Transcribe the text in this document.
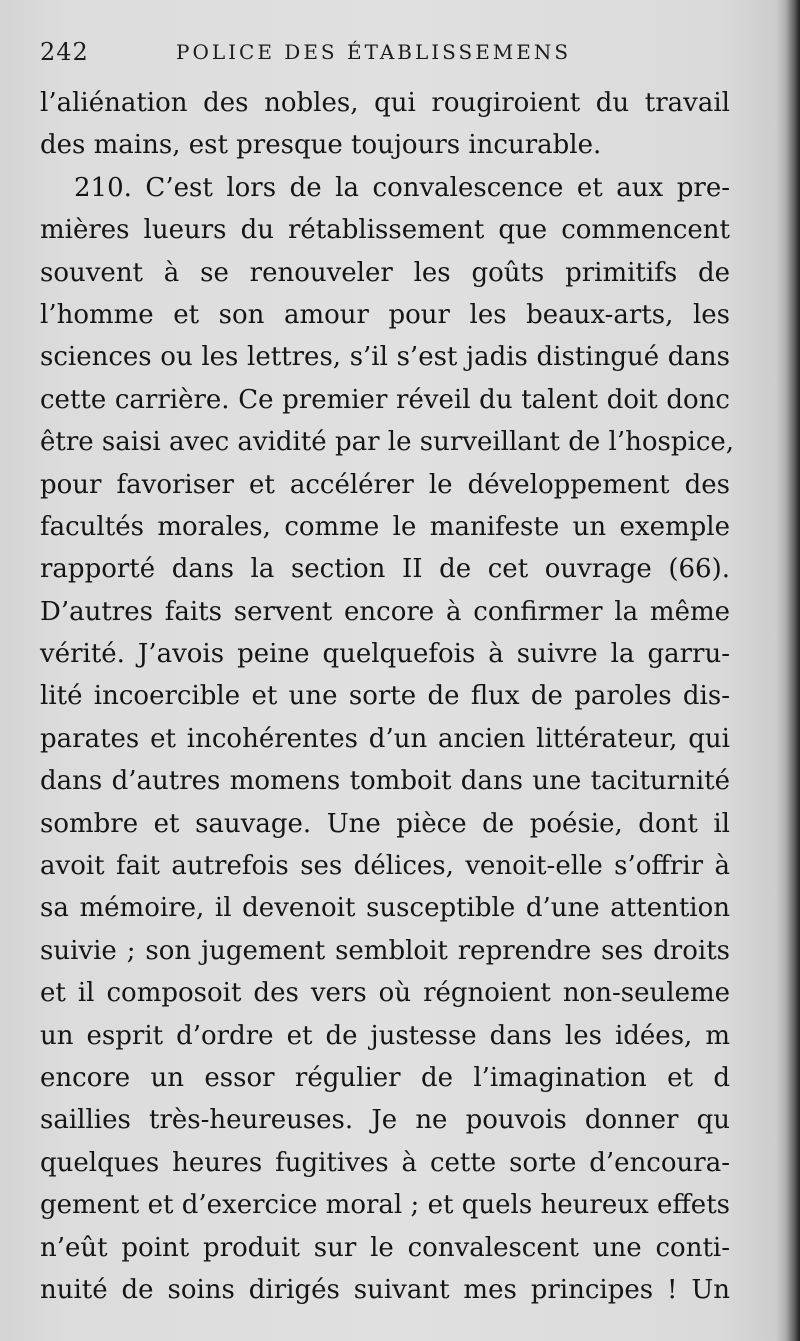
242	POLICE DES ÉTABLISSEMENS
l’aliénation des nobles, qui rougiroient du travail
des mains, est presque toujours incurable.
210. C’est lors de la convalescence et aux pre-
mières lueurs du rétablissement que commencent
souvent à se renouveler les goûts primitifs de
l’homme et son amour pour les beaux-arts, les
sciences ou les lettres, s’il s’est jadis distingué dans
cette carrière. Ce premier réveil du talent doit donc
être saisi avec avidité par le surveillant de l’hospice,
pour favoriser et accélérer le développement des
facultés morales, comme le manifeste un exemple
rapporté dans la section II de cet ouvrage (66).
D’autres faits servent encore à confirmer la même
vérité. J’avois peine quelquefois à suivre la garru-
lité incoercible et une sorte de flux de paroles dis-
parates et incohérentes d’un ancien littérateur, qui
dans d’autres momens tomboit dans une taciturnité
sombre et sauvage. Une pièce de poésie, dont il
avoit fait autrefois ses délices, venoit-elle s’offrir à
sa mémoire, il devenoit susceptible d’une attention
suivie ; son jugement sembloit reprendre ses droits
et il composoit des vers où régnoient non-seuleme
un esprit d’ordre et de justesse dans les idées, m
encore un essor régulier de l’imagination et d
saillies très-heureuses. Je ne pouvois donner qu
quelques heures fugitives à cette sorte d’encoura-
gement et d’exercice moral ; et quels heureux effets
n’eût point produit sur le convalescent une conti-
nuité de soins dirigés suivant mes principes ! Un
